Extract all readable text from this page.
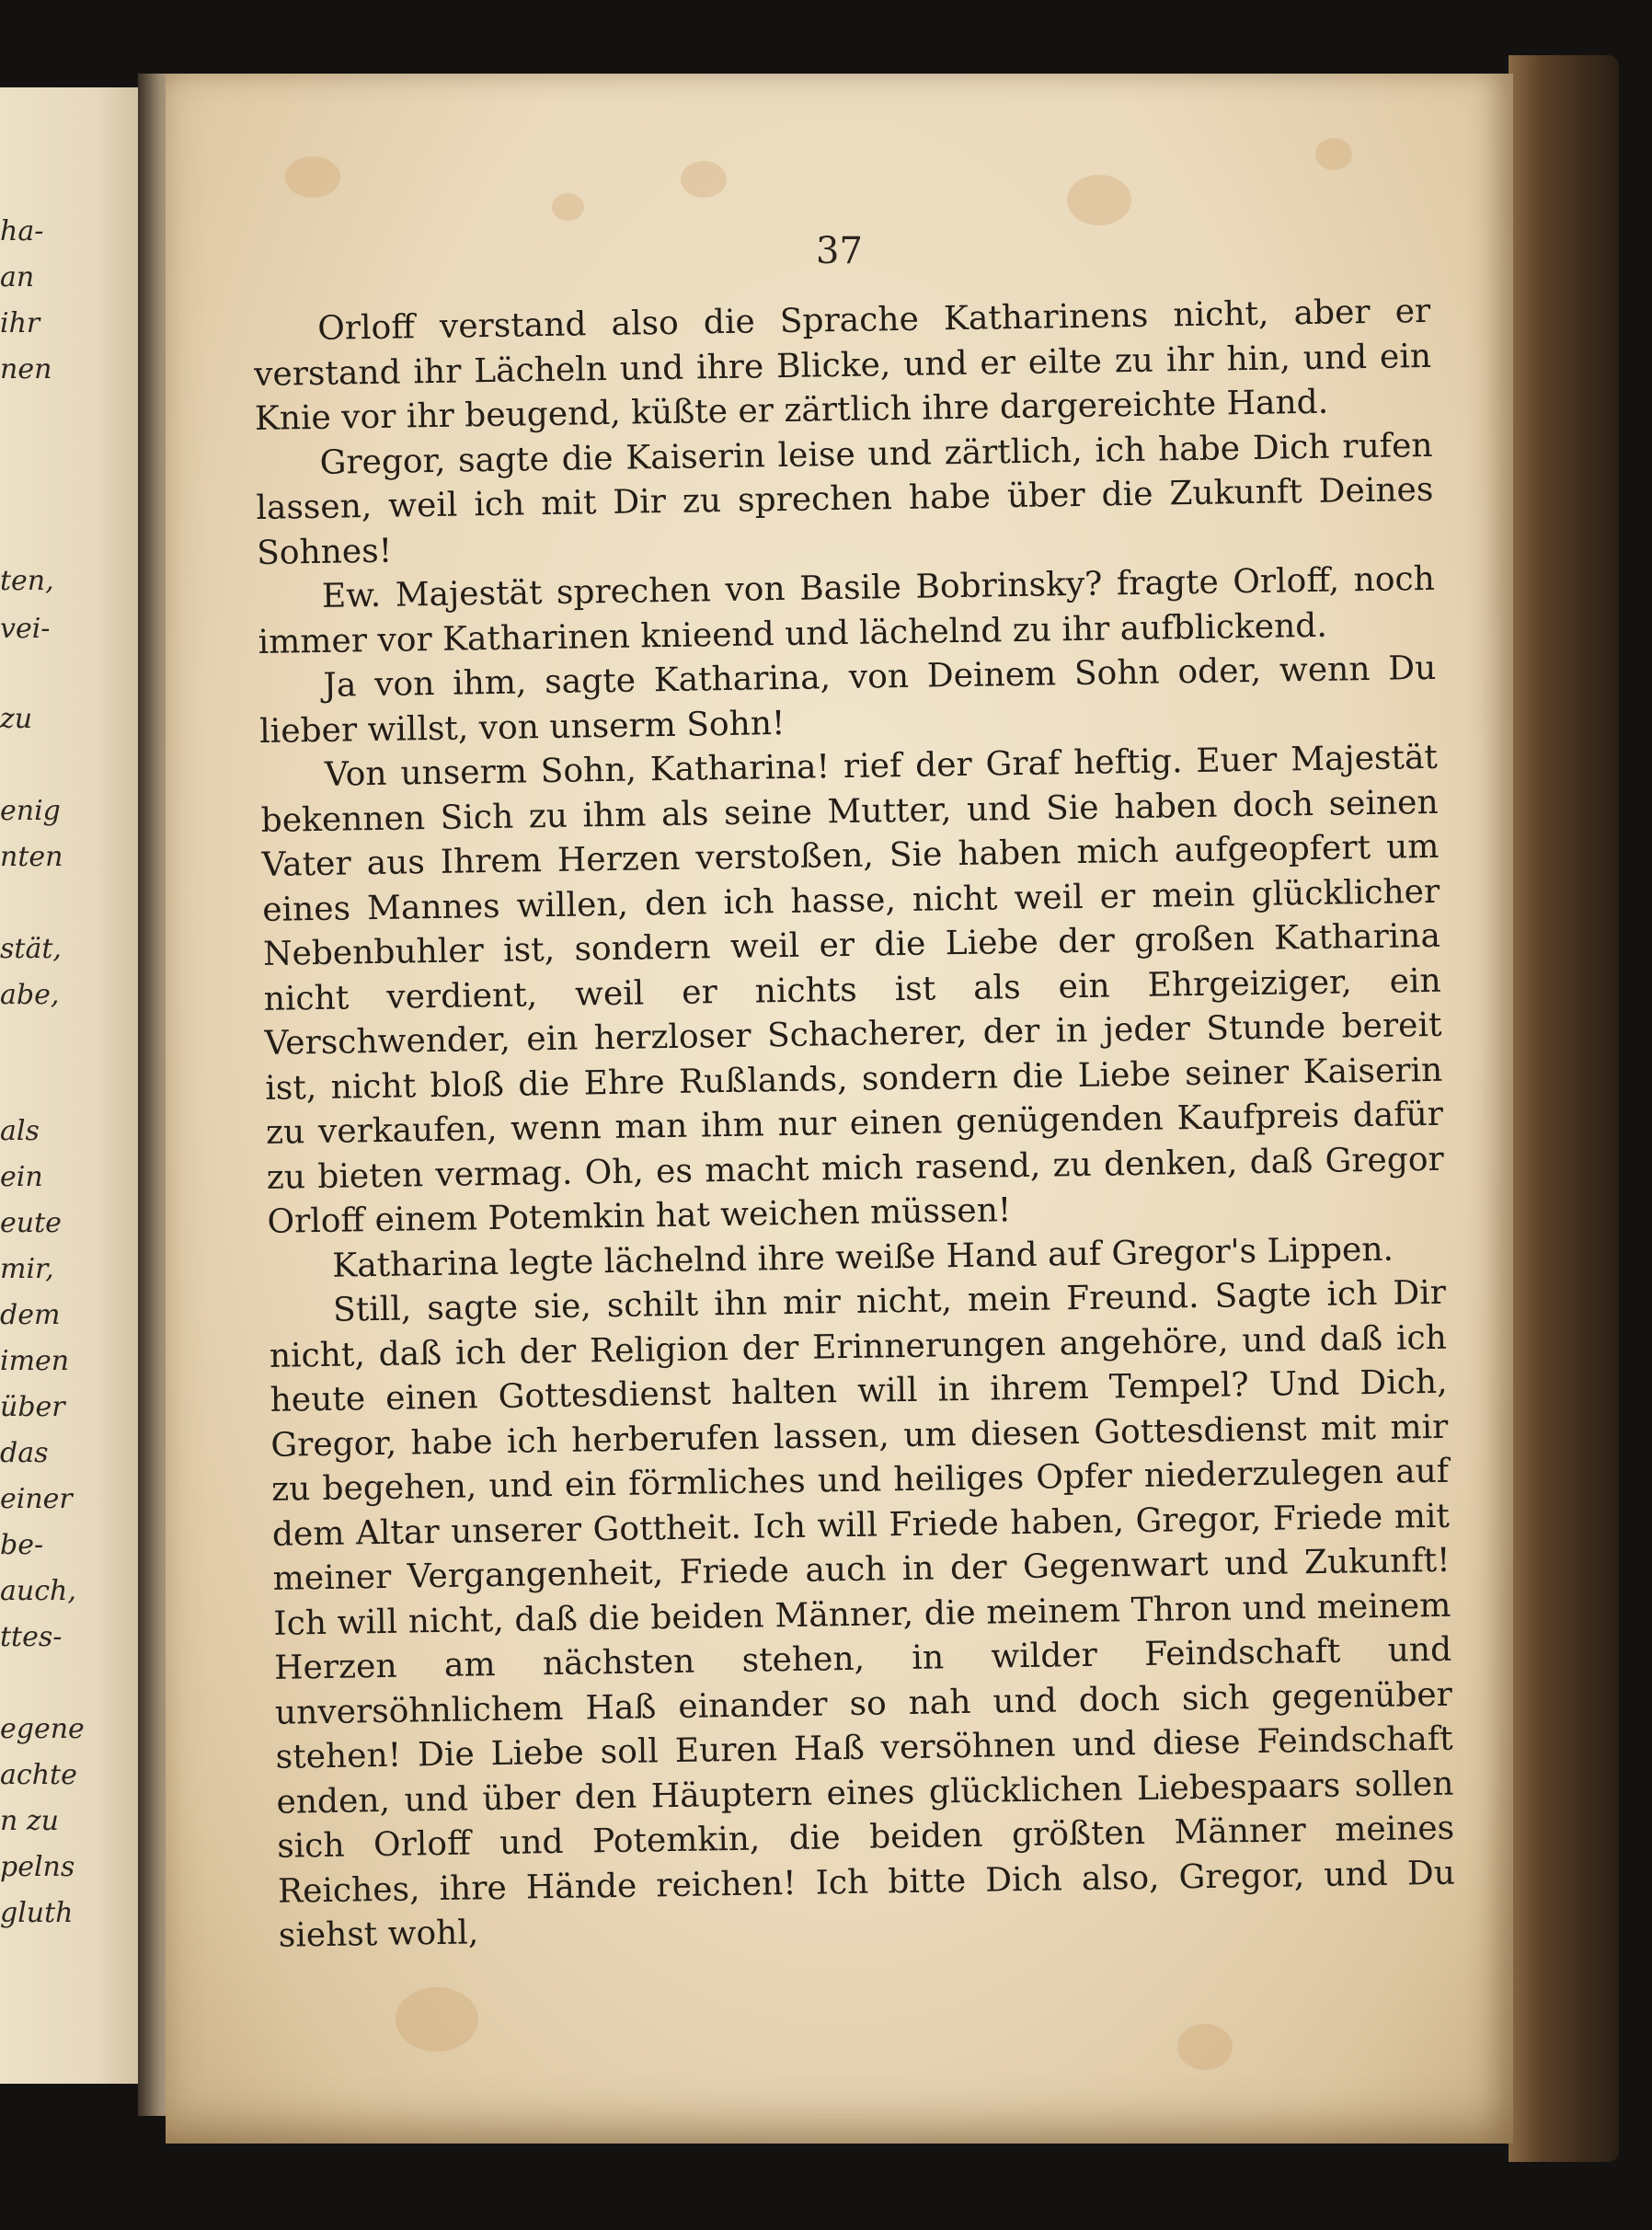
ha-
an
ihr
nen
ten,
vei-
zu
enig
nten
stät,
abe,
als
ein
eute
mir,
dem
imen
über
das
einer
be-
auch,
ttes-
egene
achte
n zu
pelns
gluth
37

Orloff verstand also die Sprache Katharinens nicht, aber er verstand ihr Lächeln und ihre Blicke, und er eilte zu ihr hin, und ein Knie vor ihr beugend, küßte er zärtlich ihre dargereichte Hand.

Gregor, sagte die Kaiserin leise und zärtlich, ich habe Dich rufen lassen, weil ich mit Dir zu sprechen habe über die Zukunft Deines Sohnes!

Ew. Majestät sprechen von Basile Bobrinsky? fragte Orloff, noch immer vor Katharinen knieend und lächelnd zu ihr aufblickend.

Ja von ihm, sagte Katharina, von Deinem Sohn oder, wenn Du lieber willst, von unserm Sohn!

Von unserm Sohn, Katharina! rief der Graf heftig. Euer Majestät bekennen Sich zu ihm als seine Mutter, und Sie haben doch seinen Vater aus Ihrem Herzen verstoßen, Sie haben mich aufgeopfert um eines Mannes willen, den ich hasse, nicht weil er mein glücklicher Nebenbuhler ist, sondern weil er die Liebe der großen Katharina nicht verdient, weil er nichts ist als ein Ehrgeiziger, ein Verschwender, ein herzloser Schacherer, der in jeder Stunde bereit ist, nicht bloß die Ehre Rußlands, sondern die Liebe seiner Kaiserin zu verkaufen, wenn man ihm nur einen genügenden Kaufpreis dafür zu bieten vermag. Oh, es macht mich rasend, zu denken, daß Gregor Orloff einem Potemkin hat weichen müssen!

Katharina legte lächelnd ihre weiße Hand auf Gregor's Lippen.

Still, sagte sie, schilt ihn mir nicht, mein Freund. Sagte ich Dir nicht, daß ich der Religion der Erinnerungen angehöre, und daß ich heute einen Gottesdienst halten will in ihrem Tempel? Und Dich, Gregor, habe ich herberufen lassen, um diesen Gottesdienst mit mir zu begehen, und ein förmliches und heiliges Opfer niederzulegen auf dem Altar unserer Gottheit. Ich will Friede haben, Gregor, Friede mit meiner Vergangenheit, Friede auch in der Gegenwart und Zukunft! Ich will nicht, daß die beiden Männer, die meinem Thron und meinem Herzen am nächsten stehen, in wilder Feindschaft und unversöhnlichem Haß einander so nah und doch sich gegenüber stehen! Die Liebe soll Euren Haß versöhnen und diese Feindschaft enden, und über den Häuptern eines glücklichen Liebespaars sollen sich Orloff und Potemkin, die beiden größten Männer meines Reiches, ihre Hände reichen! Ich bitte Dich also, Gregor, und Du siehst wohl,
